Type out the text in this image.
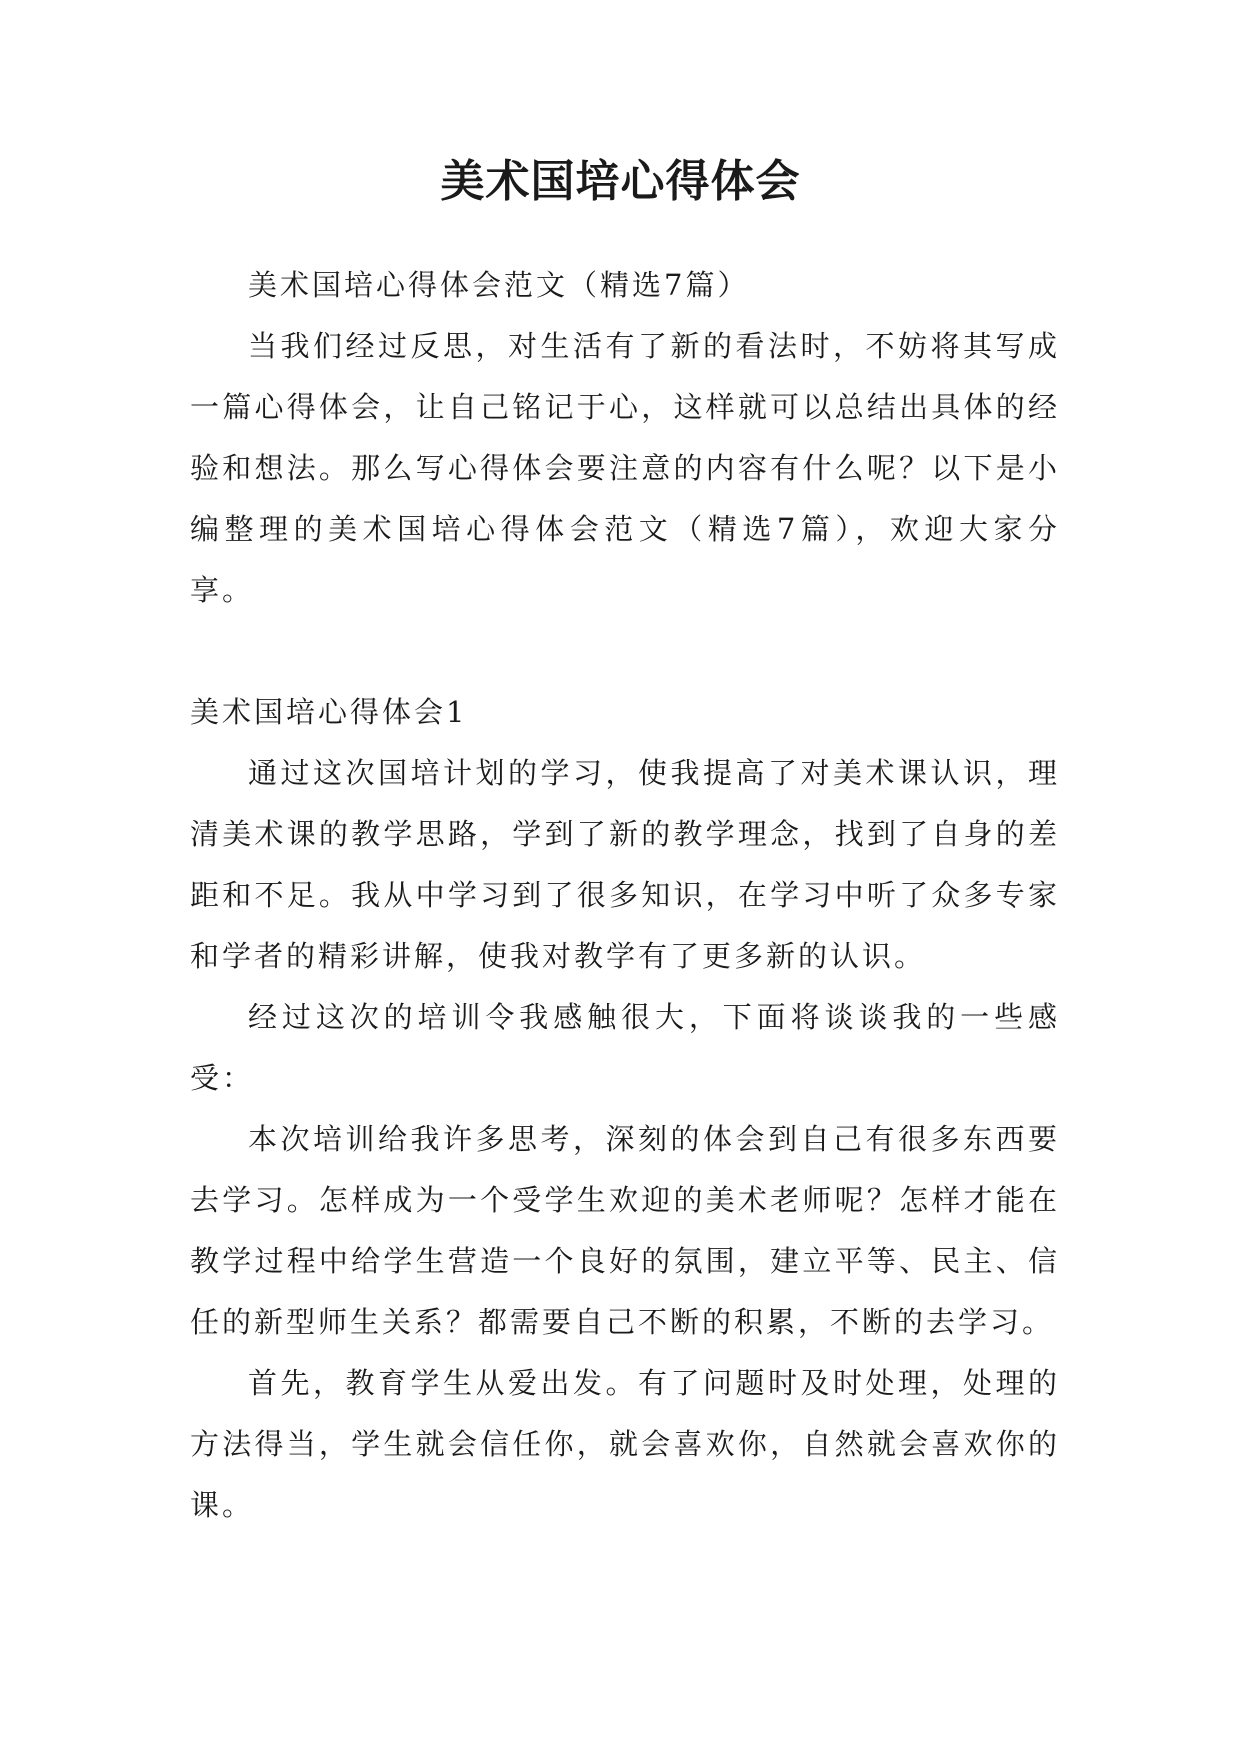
美术国培心得体会

美术国培心得体会范文（精选7篇）

当我们经过反思，对生活有了新的看法时，不妨将其写成一篇心得体会，让自己铭记于心，这样就可以总结出具体的经验和想法。那么写心得体会要注意的内容有什么呢？以下是小编整理的美术国培心得体会范文（精选7篇），欢迎大家分享。

美术国培心得体会1

通过这次国培计划的学习，使我提高了对美术课认识，理清美术课的教学思路，学到了新的教学理念，找到了自身的差距和不足。我从中学习到了很多知识，在学习中听了众多专家和学者的精彩讲解，使我对教学有了更多新的认识。

经过这次的培训令我感触很大，下面将谈谈我的一些感受：

本次培训给我许多思考，深刻的体会到自己有很多东西要去学习。怎样成为一个受学生欢迎的美术老师呢？怎样才能在教学过程中给学生营造一个良好的氛围，建立平等、民主、信任的新型师生关系？都需要自己不断的积累，不断的去学习。

首先，教育学生从爱出发。有了问题时及时处理，处理的方法得当，学生就会信任你，就会喜欢你，自然就会喜欢你的课。
